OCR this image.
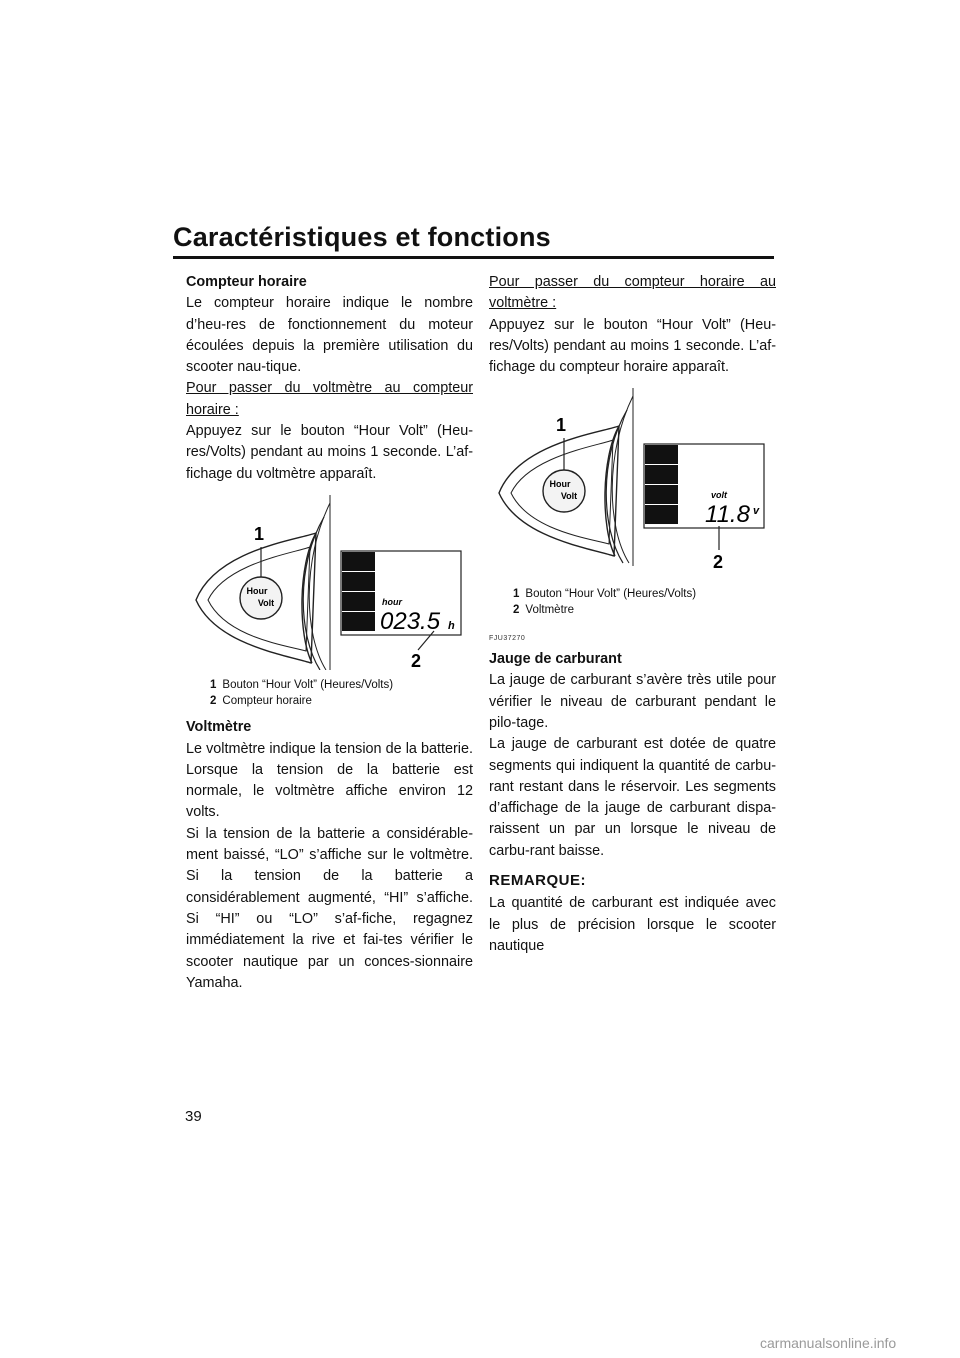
Caractéristiques et fonctions
39

Compteur horaire

Le compteur horaire indique le nombre d’heu-res de fonctionnement du moteur écoulées depuis la première utilisation du scooter nau-tique.

Pour passer du voltmètre au compteur

horaire :

Appuyez sur le bouton “Hour Volt” (Heu-res/Volts) pendant au moins 1 seconde. L’af-fichage du voltmètre apparaît.

Hour
Volt
1
hour
023.5 h
2
1 Bouton “Hour Volt” (Heures/Volts)
2 Compteur horaire

Voltmètre

Le voltmètre indique la tension de la batterie. Lorsque la tension de la batterie est normale, le voltmètre affiche environ 12 volts.

Si la tension de la batterie a considérable-ment baissé, “LO” s’affiche sur le voltmètre. Si la tension de la batterie a considérablement augmenté, “HI” s’affiche. Si “HI” ou “LO” s’af-fiche, regagnez immédiatement la rive et fai-tes vérifier le scooter nautique par un conces-sionnaire Yamaha.

Pour passer du compteur horaire au

voltmètre :

Appuyez sur le bouton “Hour Volt” (Heu-res/Volts) pendant au moins 1 seconde. L’af-fichage du compteur horaire apparaît.

Hour
Volt
1
volt
11.8 v
2
1 Bouton “Hour Volt” (Heures/Volts)
2 Voltmètre
FJU37270

Jauge de carburant

La jauge de carburant s’avère très utile pour vérifier le niveau de carburant pendant le pilo-tage.

La jauge de carburant est dotée de quatre segments qui indiquent la quantité de carbu-rant restant dans le réservoir. Les segments d’affichage de la jauge de carburant dispa-raissent un par un lorsque le niveau de carbu-rant baisse.

REMARQUE:

La quantité de carburant est indiquée avec le plus de précision lorsque le scooter nautique

carmanualsonline.info
